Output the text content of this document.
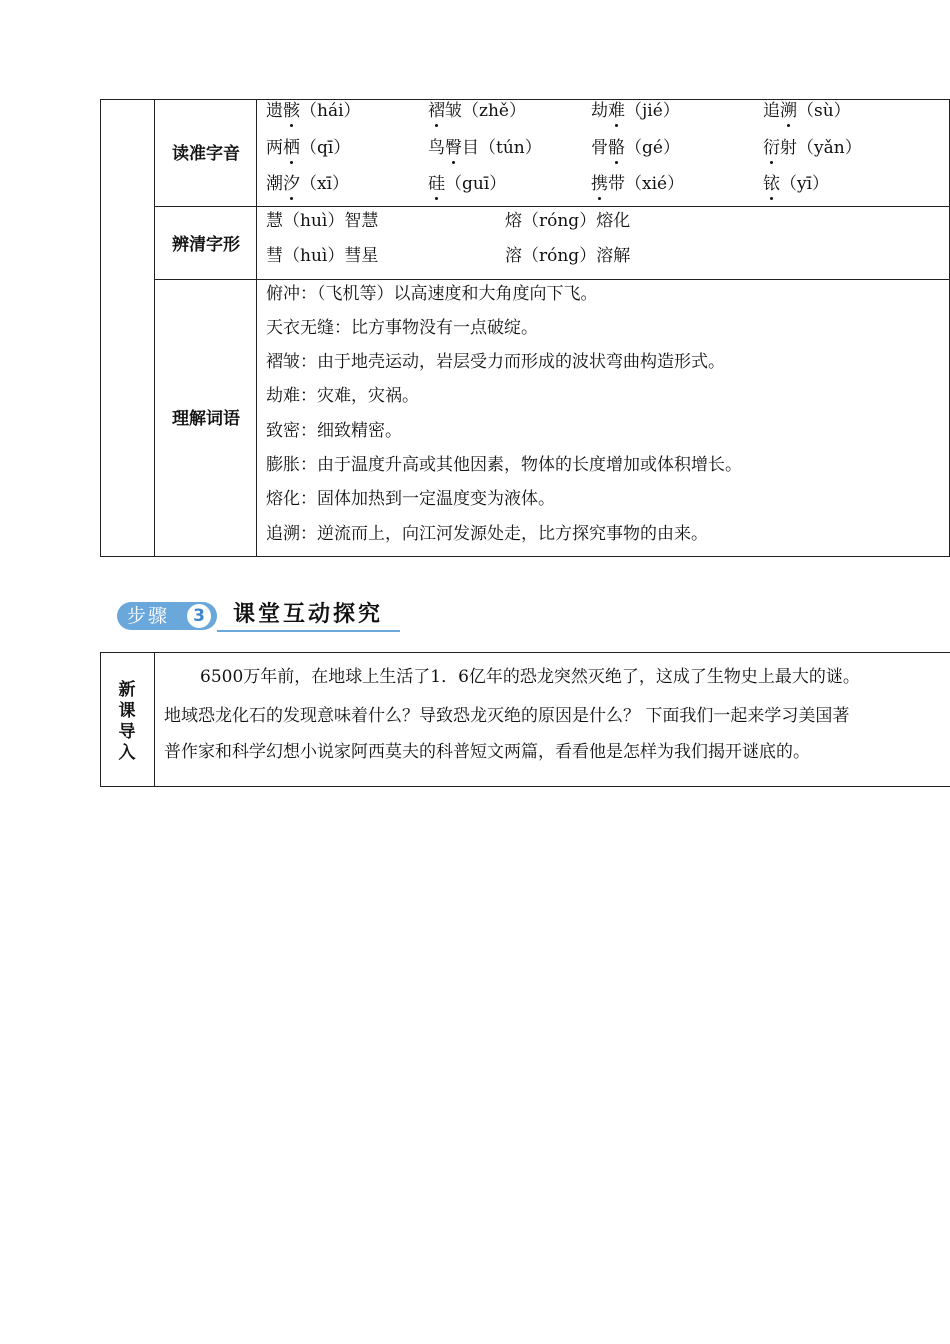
读准字音
遗骸（hái）	褶皱（zhě）	劫难（jié）	追溯（sù）
两栖（qī）	鸟臀目（tún）	骨骼（gé）	衍射（yǎn）
潮汐（xī）	硅（guī）	携带（xié）	铱（yī）
辨清字形
慧（huì）智慧	熔（róng）熔化
彗（huì）彗星	溶（róng）溶解
理解词语
俯冲：（飞机等）以高速度和大角度向下飞。
天衣无缝：比方事物没有一点破绽。
褶皱：由于地壳运动，岩层受力而形成的波状弯曲构造形式。
劫难：灾难，灾祸。
致密：细致精密。
膨胀：由于温度升高或其他因素，物体的长度增加或体积增长。
熔化：固体加热到一定温度变为液体。
追溯：逆流而上，向江河发源处走，比方探究事物的由来。
步骤	3 课堂互动探究
新
课
导
入
6500万年前，在地球上生活了1．6亿年的恐龙突然灭绝了，这成了生物史上最大的谜。
地域恐龙化石的发现意味着什么？导致恐龙灭绝的原因是什么？ 下面我们一起来学习美国著
普作家和科学幻想小说家阿西莫夫的科普短文两篇，看看他是怎样为我们揭开谜底的。
